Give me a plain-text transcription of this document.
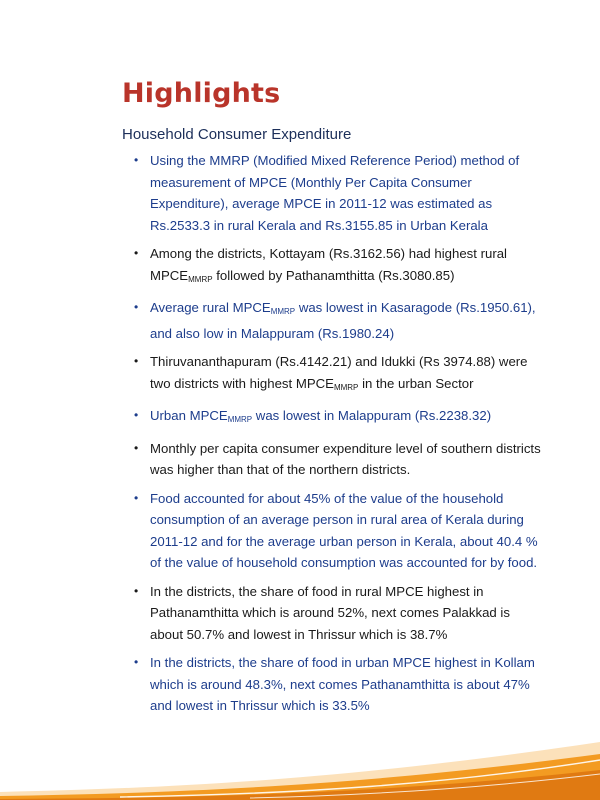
Highlights
Household Consumer Expenditure
• Using the MMRP (Modified Mixed Reference Period) method of measurement of MPCE (Monthly Per Capita Consumer Expenditure), average MPCE in 2011-12 was estimated as Rs.2533.3 in rural Kerala and Rs.3155.85 in Urban Kerala
• Among the districts, Kottayam (Rs.3162.56) had highest rural $MPCE_{MMRP}$ followed by Pathanamthitta (Rs.3080.85)
• Average rural $MPCE_{MMRP}$ was lowest in Kasaragode (Rs.1950.61), and also low in Malappuram (Rs.1980.24)
• Thiruvananthapuram (Rs.4142.21) and Idukki (Rs 3974.88) were two districts with highest $MPCE_{MMRP}$ in the urban Sector
• Urban $MPCE_{MMRP}$ was lowest in Malappuram (Rs.2238.32)
• Monthly per capita consumer expenditure level of southern districts was higher than that of the northern districts.
• Food accounted for about 45% of the value of the household consumption of an average person in rural area of Kerala during 2011-12 and for the average urban person in Kerala, about 40.4 % of the value of household consumption was accounted for by food.
• In the districts, the share of food in rural MPCE highest in Pathanamthitta which is around 52%, next comes Palakkad is about 50.7% and lowest in Thrissur which is 38.7%
• In the districts, the share of food in urban MPCE highest in Kollam which is around 48.3%, next comes Pathanamthitta is about 47% and lowest in Thrissur which is 33.5%
